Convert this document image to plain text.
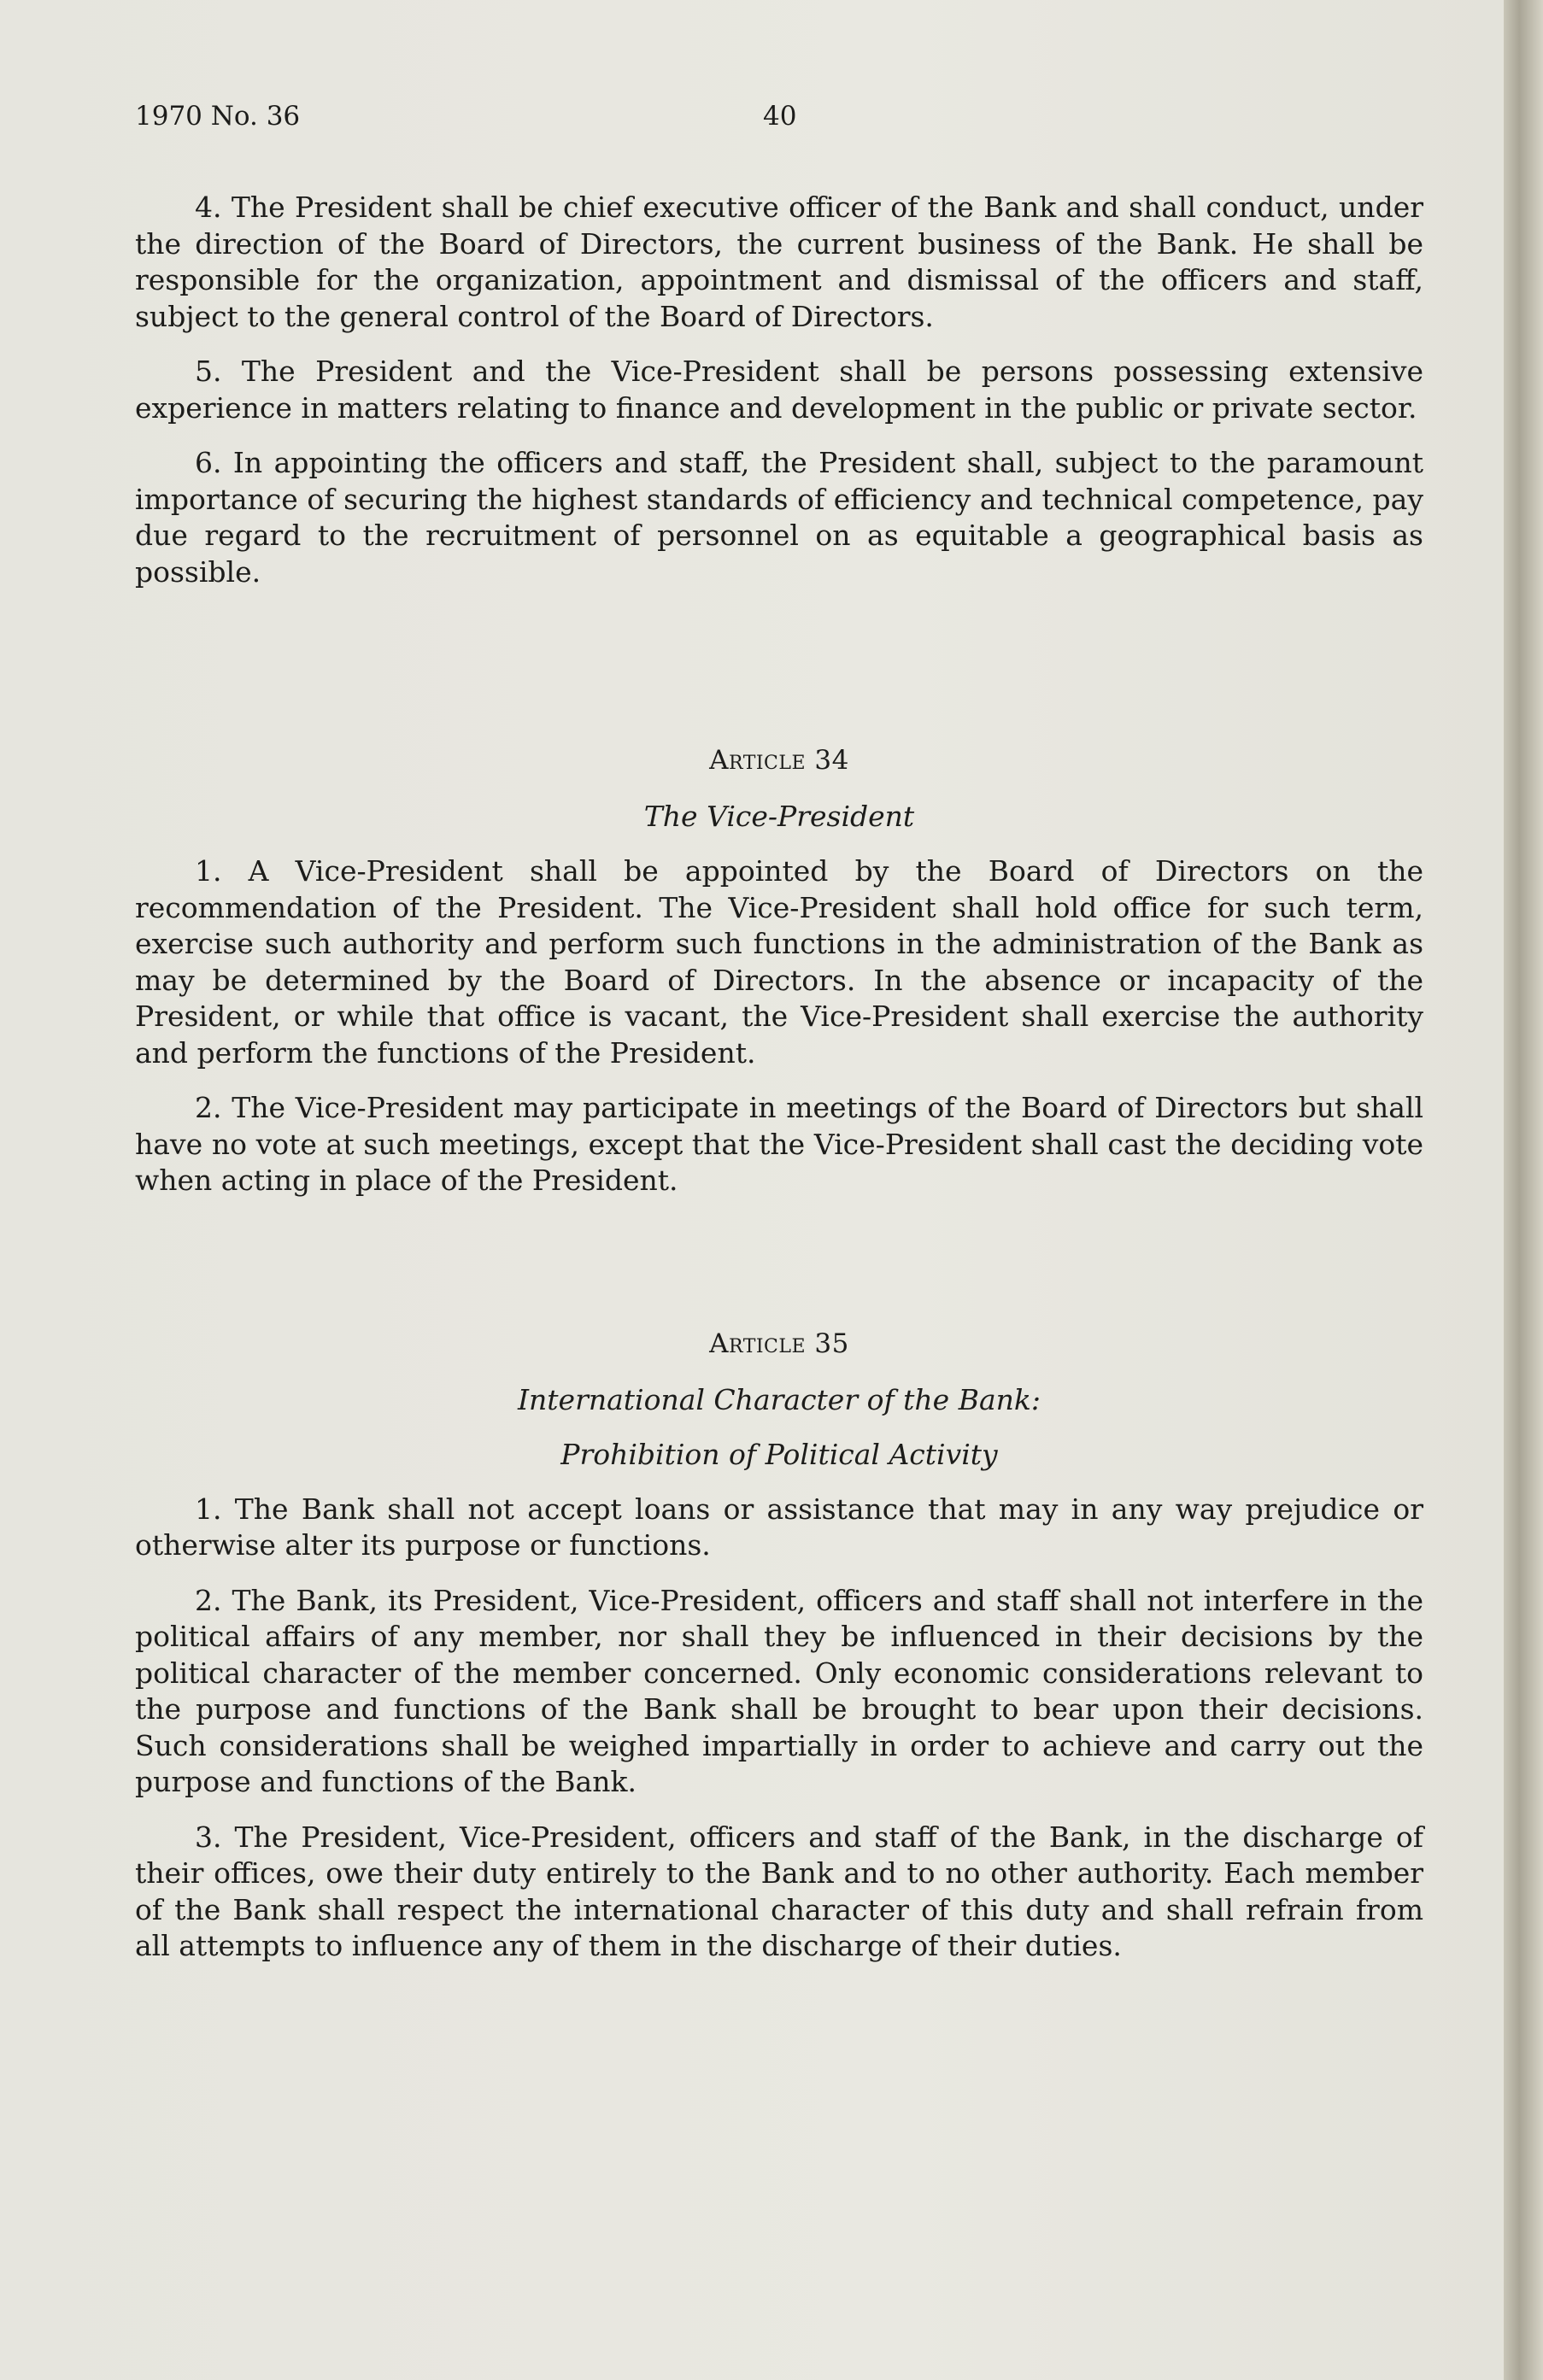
1970 No. 36	40

4. The President shall be chief executive officer of the Bank and shall conduct, under the direction of the Board of Directors, the current business of the Bank. He shall be responsible for the organization, appointment and dismissal of the officers and staff, subject to the general control of the Board of Directors.

5. The President and the Vice-President shall be persons possessing extensive experience in matters relating to finance and development in the public or private sector.

6. In appointing the officers and staff, the President shall, subject to the paramount importance of securing the highest standards of efficiency and technical competence, pay due regard to the recruitment of personnel on as equitable a geographical basis as possible.

Article 34
The Vice-President

1. A Vice-President shall be appointed by the Board of Directors on the recommendation of the President. The Vice-President shall hold office for such term, exercise such authority and perform such functions in the administration of the Bank as may be determined by the Board of Directors. In the absence or incapacity of the President, or while that office is vacant, the Vice-President shall exercise the authority and perform the functions of the President.

2. The Vice-President may participate in meetings of the Board of Directors but shall have no vote at such meetings, except that the Vice-President shall cast the deciding vote when acting in place of the President.

Article 35
International Character of the Bank:
Prohibition of Political Activity

1. The Bank shall not accept loans or assistance that may in any way prejudice or otherwise alter its purpose or functions.

2. The Bank, its President, Vice-President, officers and staff shall not interfere in the political affairs of any member, nor shall they be influenced in their decisions by the political character of the member concerned. Only economic considerations relevant to the purpose and functions of the Bank shall be brought to bear upon their decisions. Such considerations shall be weighed impartially in order to achieve and carry out the purpose and functions of the Bank.

3. The President, Vice-President, officers and staff of the Bank, in the discharge of their offices, owe their duty entirely to the Bank and to no other authority. Each member of the Bank shall respect the international character of this duty and shall refrain from all attempts to influence any of them in the discharge of their duties.
